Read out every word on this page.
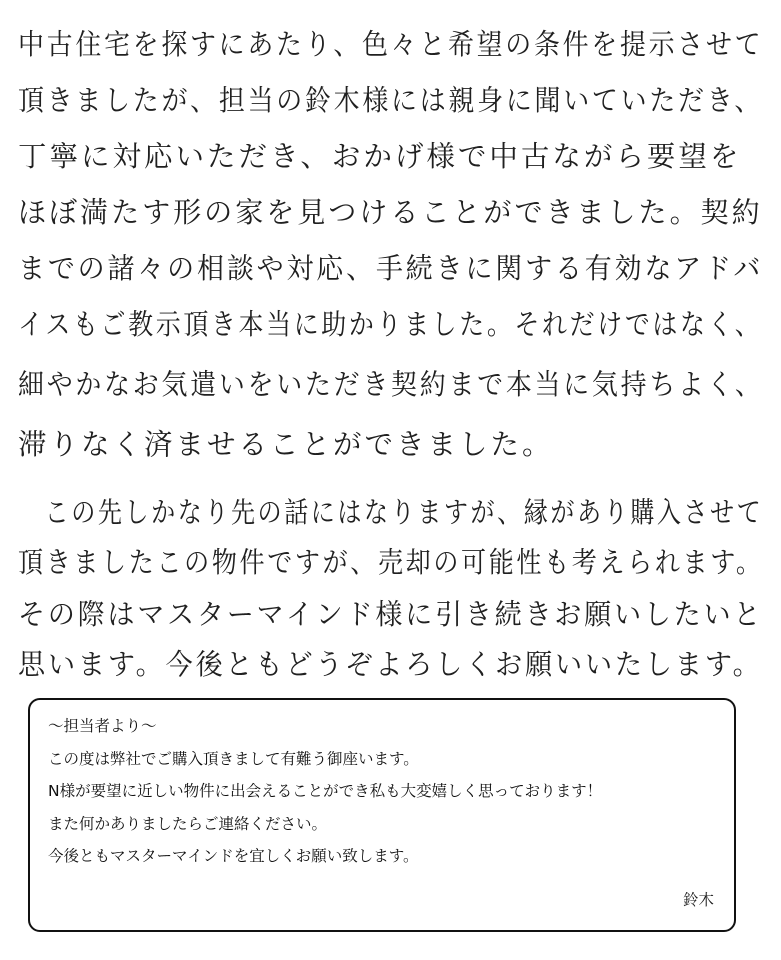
中古住宅を探すにあたり、色々と希望の条件を提示させて
頂きましたが、担当の鈴木様には親身に聞いていただき、
丁寧に対応いただき、おかげ様で中古ながら要望を
ほぼ満たす形の家を見つけることができました。契約
までの諸々の相談や対応、手続きに関する有効なアドバ
イスもご教示頂き本当に助かりました。それだけではなく、
細やかなお気遣いをいただき契約まで本当に気持ちよく、
滞りなく済ませることができました。
　この先しかなり先の話にはなりますが、縁があり購入させて
頂きましたこの物件ですが、売却の可能性も考えられます。
その際はマスターマインド様に引き続きお願いしたいと
思います。今後ともどうぞよろしくお願いいたします。

～担当者より～

この度は弊社でご購入頂きまして有難う御座います。

N様が要望に近しい物件に出会えることができ私も大変嬉しく思っております！

また何かありましたらご連絡ください。

今後ともマスターマインドを宜しくお願い致します。

鈴木
